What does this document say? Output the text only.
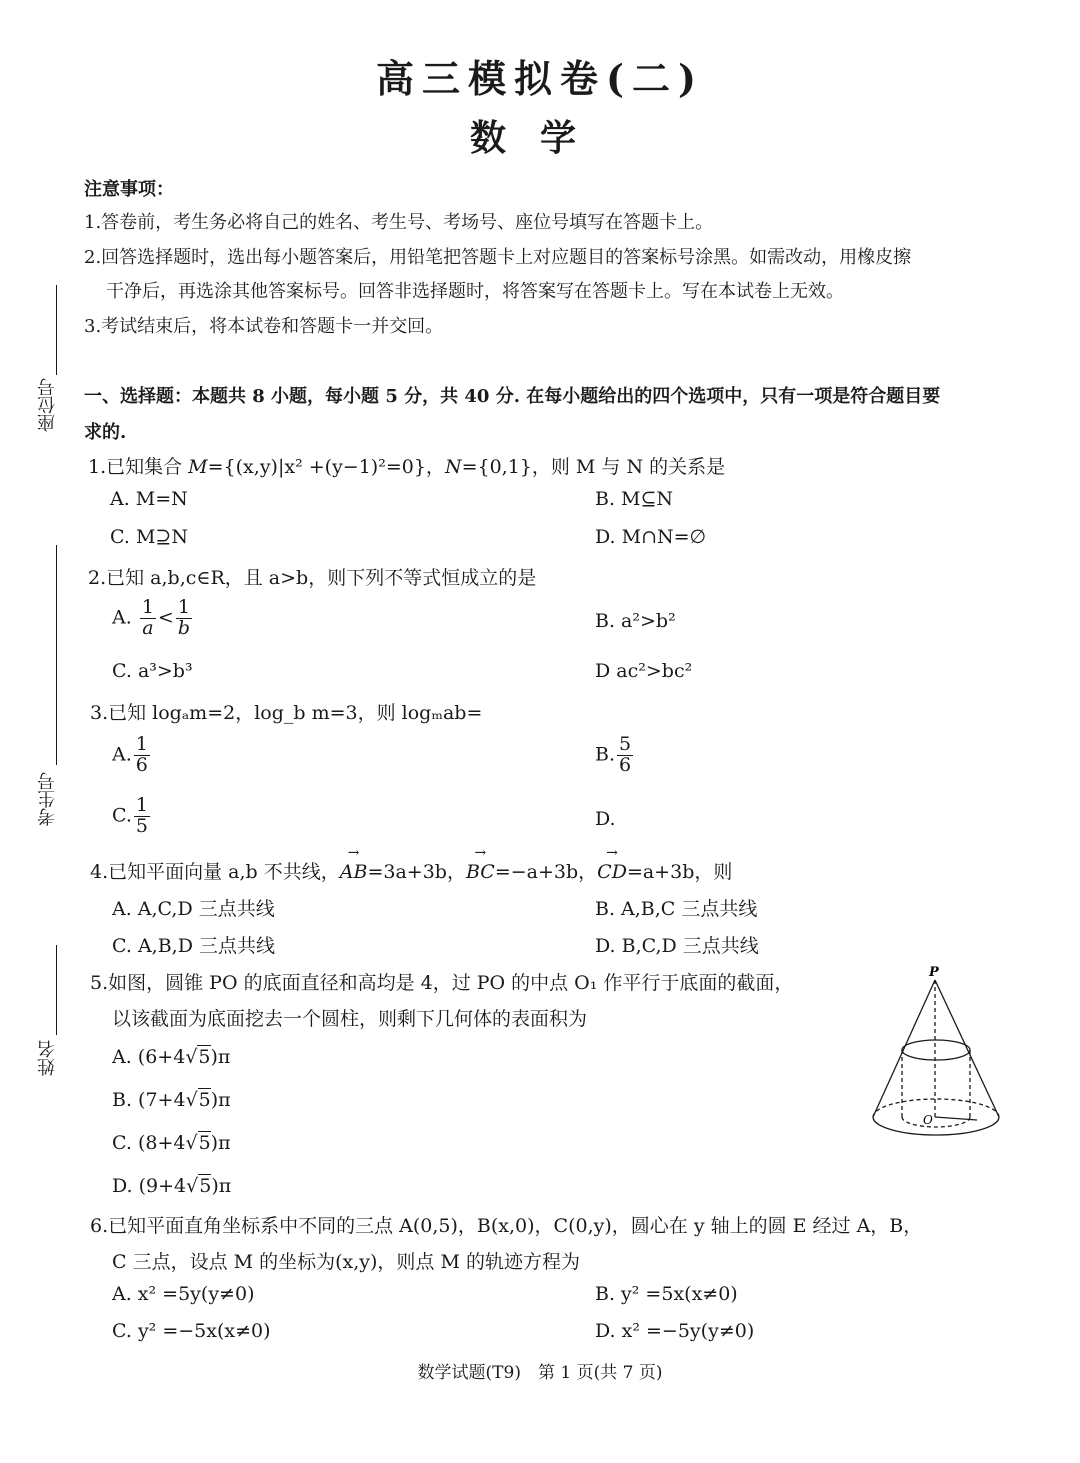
高三模拟卷(二)
数学
注意事项：
1.答卷前，考生务必将自己的姓名、考生号、考场号、座位号填写在答题卡上。
2.回答选择题时，选出每小题答案后，用铅笔把答题卡上对应题目的答案标号涂黑。如需改动，用橡皮擦
干净后，再选涂其他答案标号。回答非选择题时，将答案写在答题卡上。写在本试卷上无效。
3.考试结束后，将本试卷和答题卡一并交回。
座位号
考生号
姓名
一、选择题：本题共 8 小题，每小题 5 分，共 40 分. 在每小题给出的四个选项中，只有一项是符合题目要
求的.
1.已知集合 M={(x,y)|x² +(y−1)²=0}，N={0,1}，则 M 与 N 的关系是
A. M=N	B. M⊆N
C. M⊇N	D. M∩N=∅
2.已知 a,b,c∈R，且 a>b，则下列不等式恒成立的是
A. $\frac{1}{a} < \frac{1}{b}$	B. a²>b²
C. a³>b³	D ac²>bc²
3.已知 logₐm=2，log_b m=3，则 logₘab=
A. $\frac{1}{6}$	B. $\frac{5}{6}$
C. $\frac{1}{5}$	D.
4.已知平面向量 a,b 不共线，→ AB=3a+3b，→ BC=−a+3b，→ CD=a+3b，则
A. A,C,D 三点共线	B. A,B,C 三点共线
C. A,B,D 三点共线	D. B,C,D 三点共线
5.如图，圆锥 PO 的底面直径和高均是 4，过 PO 的中点 O₁ 作平行于底面的截面，
以该截面为底面挖去一个圆柱，则剩下几何体的表面积为
A. (6+4√5)π
B. (7+4√5)π
C. (8+4√5)π
D. (9+4√5)π
P
O
6.已知平面直角坐标系中不同的三点 A(0,5)，B(x,0)，C(0,y)，圆心在 y 轴上的圆 E 经过 A，B，
C 三点，设点 M 的坐标为(x,y)，则点 M 的轨迹方程为
A. x² =5y(y≠0)	B. y² =5x(x≠0)
C. y² =−5x(x≠0)	D. x² =−5y(y≠0)
数学试题(T9)　第 1 页(共 7 页)
